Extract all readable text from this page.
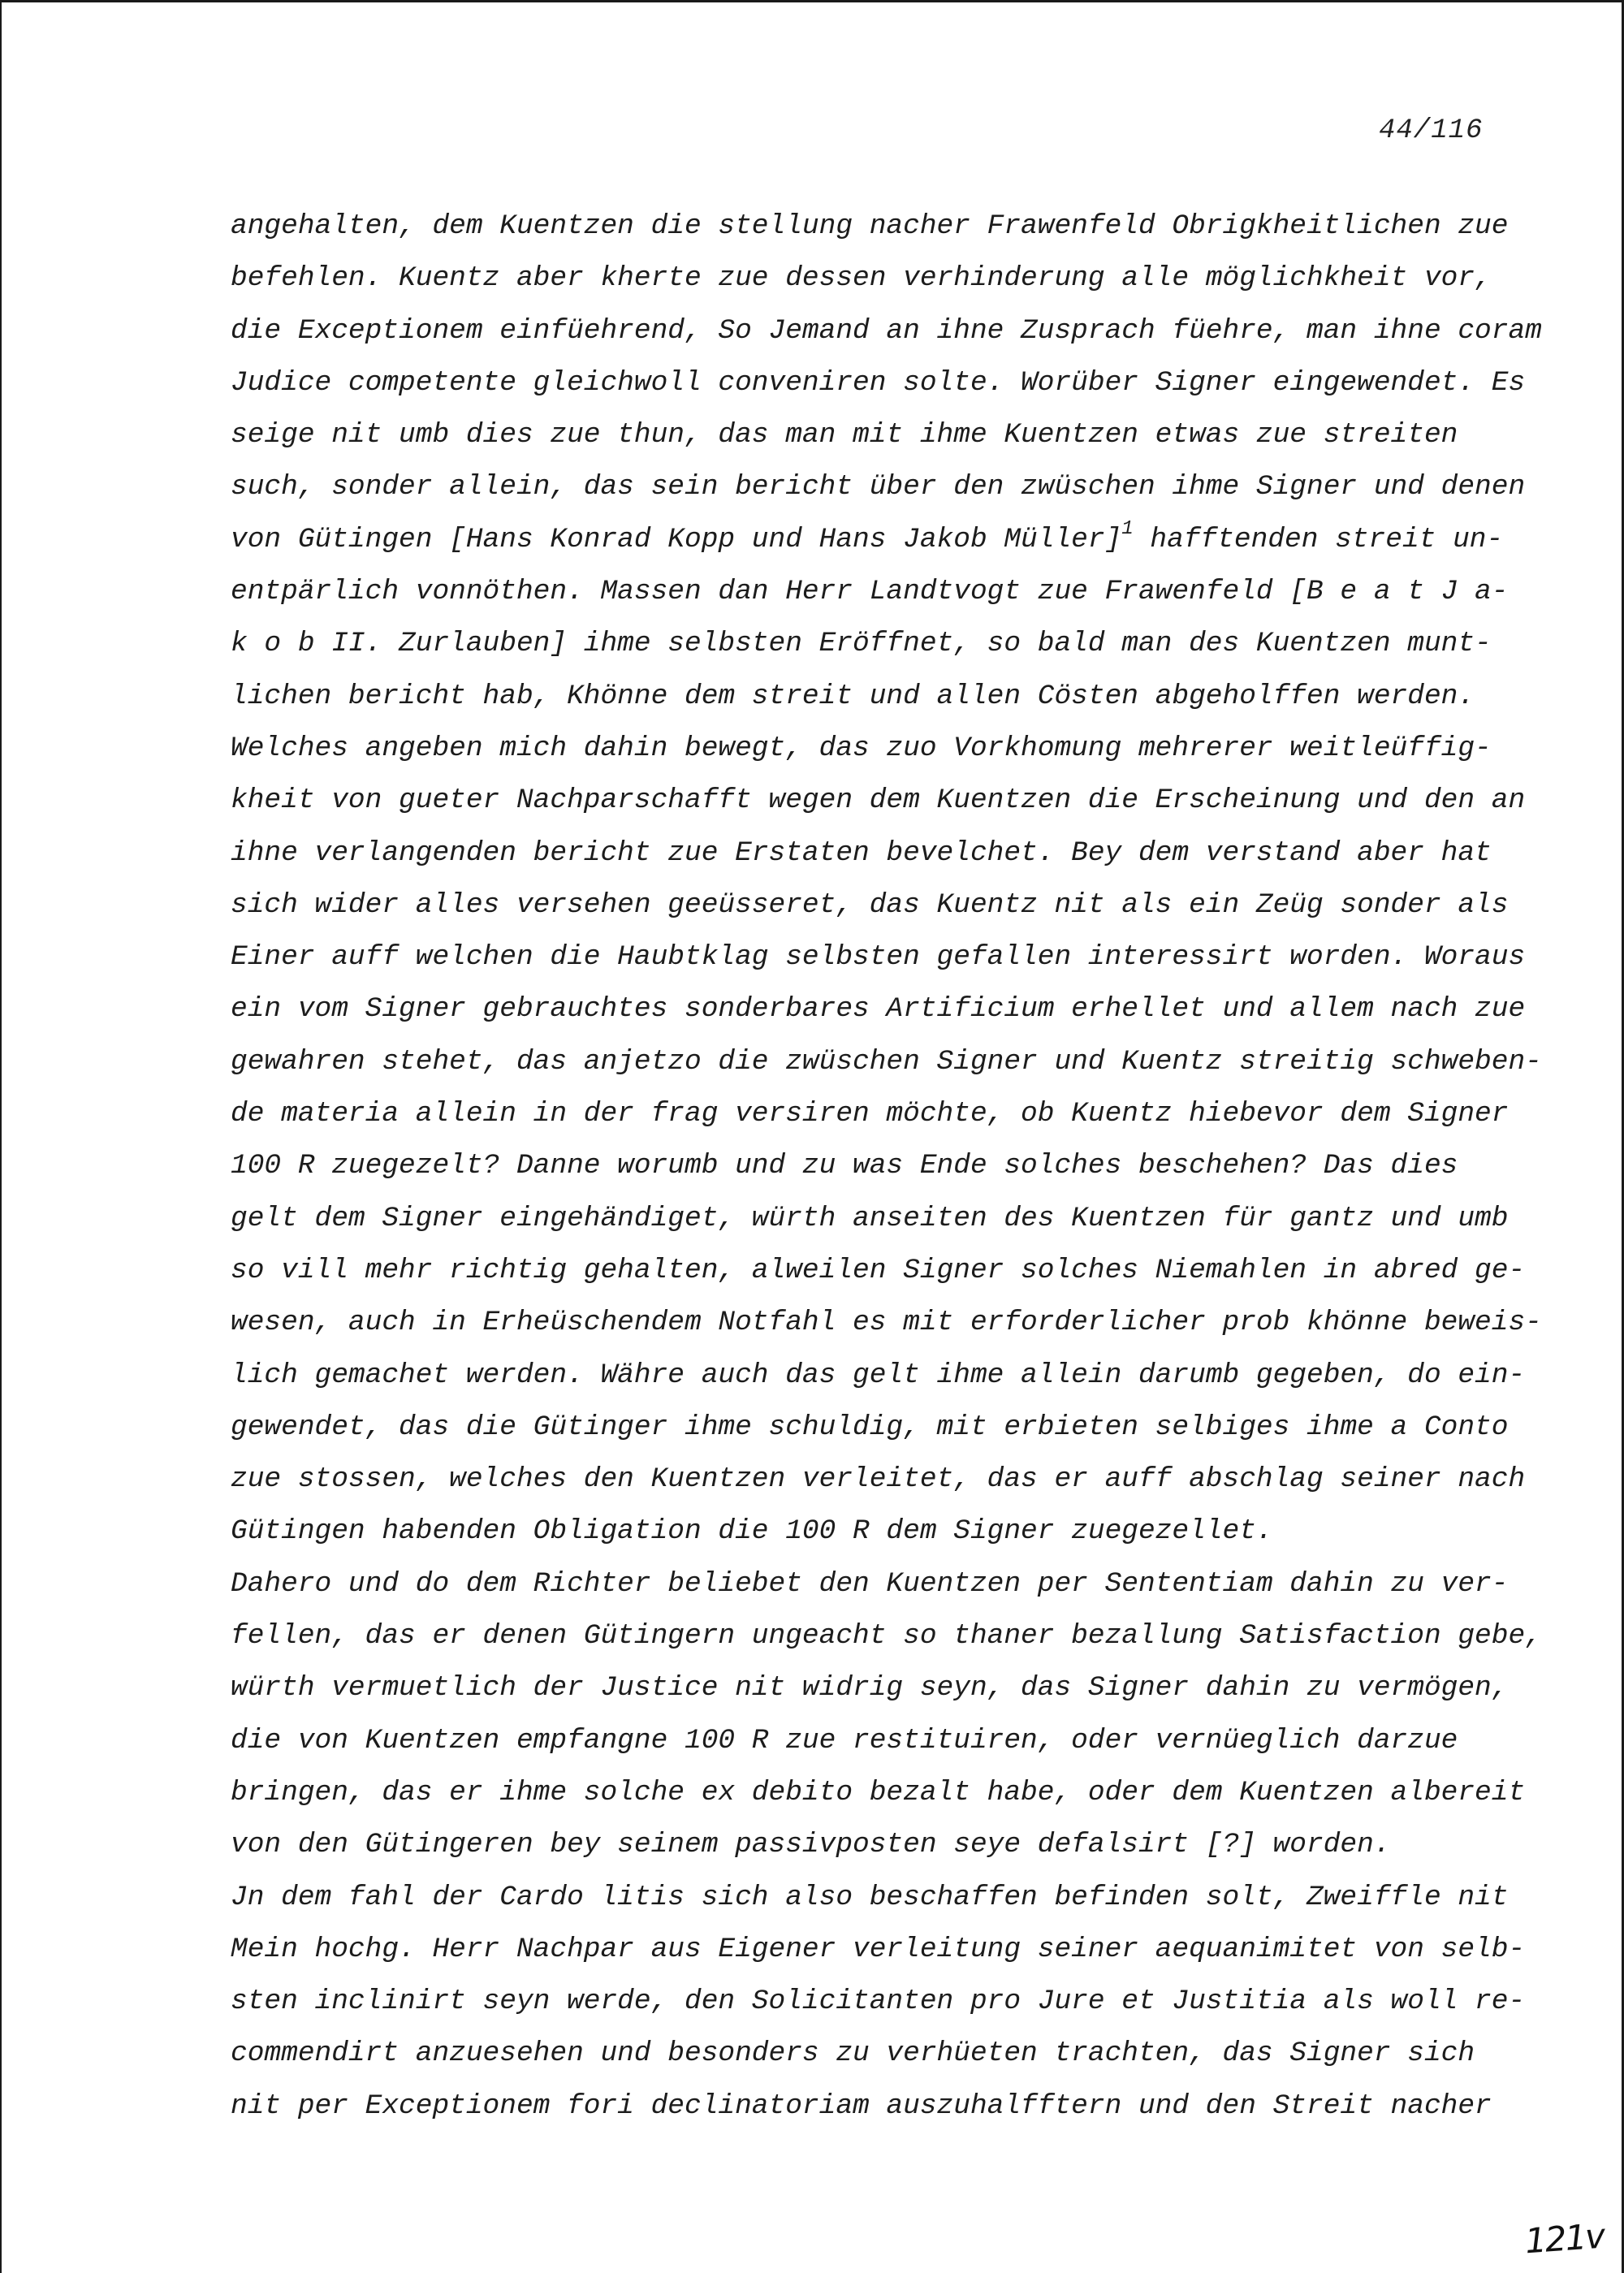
44/116
angehalten, dem Kuentzen die stellung nacher Frawenfeld Obrigkheitlichen zue
befehlen. Kuentz aber kherte zue dessen verhinderung alle möglichkheit vor,
die Exceptionem einfüehrend, So Jemand an ihne Zusprach füehre, man ihne coram
Judice competente gleichwoll conveniren solte. Worüber Signer eingewendet. Es
seige nit umb dies zue thun, das man mit ihme Kuentzen etwas zue streiten
such, sonder allein, das sein bericht über den zwüschen ihme Signer und denen
von Gütingen [Hans Konrad Kopp und Hans Jakob Müller]$^1$ hafftenden streit un-
entpärlich vonnöthen. Massen dan Herr Landtvogt zue Frawenfeld [B e a t J a-
k o b II. Zurlauben] ihme selbsten Eröffnet, so bald man des Kuentzen munt-
lichen bericht hab, Khönne dem streit und allen Cösten abgeholffen werden.
Welches angeben mich dahin bewegt, das zuo Vorkhomung mehrerer weitleüffig-
kheit von gueter Nachparschafft wegen dem Kuentzen die Erscheinung und den an
ihne verlangenden bericht zue Erstaten bevelchet. Bey dem verstand aber hat
sich wider alles versehen geeüsseret, das Kuentz nit als ein Zeüg sonder als
Einer auff welchen die Haubtklag selbsten gefallen interessirt worden. Woraus
ein vom Signer gebrauchtes sonderbares Artificium erhellet und allem nach zue
gewahren stehet, das anjetzo die zwüschen Signer und Kuentz streitig schweben-
de materia allein in der frag versiren möchte, ob Kuentz hiebevor dem Signer
100 R zuegezelt? Danne worumb und zu was Ende solches beschehen? Das dies
gelt dem Signer eingehändiget, würth anseiten des Kuentzen für gantz und umb
so vill mehr richtig gehalten, alweilen Signer solches Niemahlen in abred ge-
wesen, auch in Erheüschendem Notfahl es mit erforderlicher prob khönne beweis-
lich gemachet werden. Währe auch das gelt ihme allein darumb gegeben, do ein-
gewendet, das die Gütinger ihme schuldig, mit erbieten selbiges ihme a Conto
zue stossen, welches den Kuentzen verleitet, das er auff abschlag seiner nach
Gütingen habenden Obligation die 100 R dem Signer zuegezellet.
Dahero und do dem Richter beliebet den Kuentzen per Sententiam dahin zu ver-
fellen, das er denen Gütingern ungeacht so thaner bezallung Satisfaction gebe,
würth vermuetlich der Justice nit widrig seyn, das Signer dahin zu vermögen,
die von Kuentzen empfangne 100 R zue restituiren, oder vernüeglich darzue
bringen, das er ihme solche ex debito bezalt habe, oder dem Kuentzen albereit
von den Gütingeren bey seinem passivposten seye defalsirt [?] worden.
Jn dem fahl der Cardo litis sich also beschaffen befinden solt, Zweiffle nit
Mein hochg. Herr Nachpar aus Eigener verleitung seiner aequanimitet von selb-
sten inclinirt seyn werde, den Solicitanten pro Jure et Justitia als woll re-
commendirt anzuesehen und besonders zu verhüeten trachten, das Signer sich
nit per Exceptionem fori declinatoriam auszuhalfftern und den Streit nacher
121v
